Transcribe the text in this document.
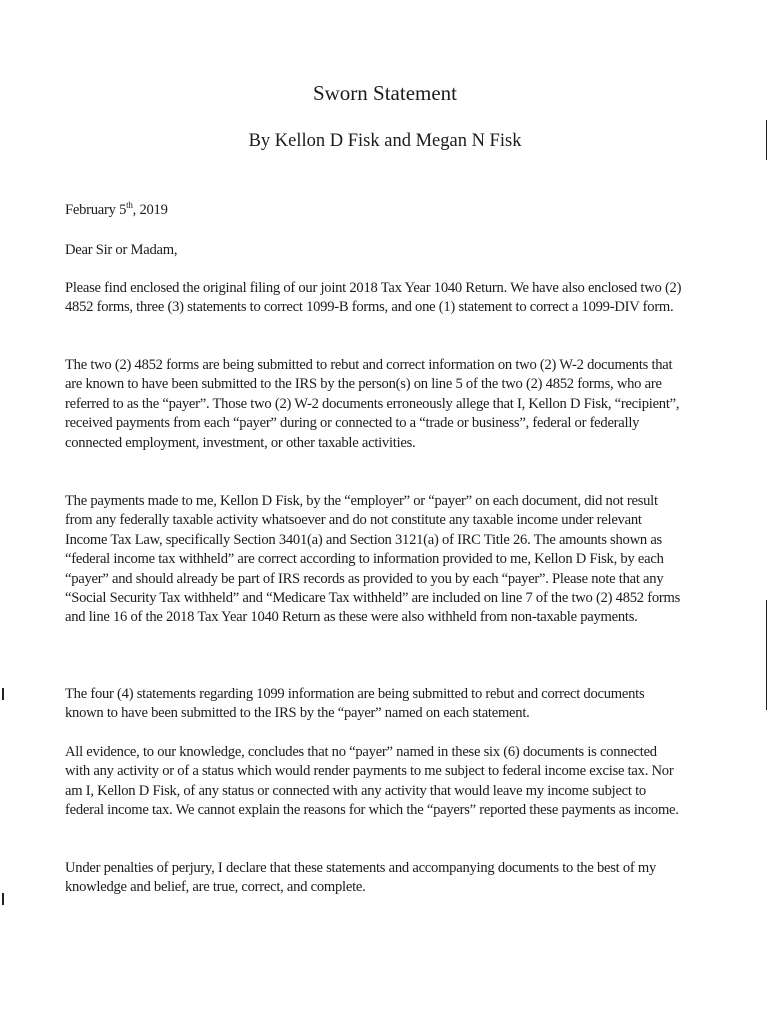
Sworn Statement
By Kellon D Fisk and Megan N Fisk
February 5th, 2019
Dear Sir or Madam,

Please find enclosed the original filing of our joint 2018 Tax Year 1040 Return. We have also enclosed two (2) 4852 forms, three (3) statements to correct 1099-B forms, and one (1) statement to correct a 1099-DIV form.

The two (2) 4852 forms are being submitted to rebut and correct information on two (2) W-2 documents that are known to have been submitted to the IRS by the person(s) on line 5 of the two (2) 4852 forms, who are referred to as the “payer”. Those two (2) W-2 documents erroneously allege that I, Kellon D Fisk, “recipient”, received payments from each “payer” during or connected to a “trade or business”, federal or federally connected employment, investment, or other taxable activities.

The payments made to me, Kellon D Fisk, by the “employer” or “payer” on each document, did not result from any federally taxable activity whatsoever and do not constitute any taxable income under relevant Income Tax Law, specifically Section 3401(a) and Section 3121(a) of IRC Title 26. The amounts shown as “federal income tax withheld” are correct according to information provided to me, Kellon D Fisk, by each “payer” and should already be part of IRS records as provided to you by each “payer”. Please note that any “Social Security Tax withheld” and “Medicare Tax withheld” are included on line 7 of the two (2) 4852 forms and line 16 of the 2018 Tax Year 1040 Return as these were also withheld from non-taxable payments.

The four (4) statements regarding 1099 information are being submitted to rebut and correct documents known to have been submitted to the IRS by the “payer” named on each statement.

All evidence, to our knowledge, concludes that no “payer” named in these six (6) documents is connected with any activity or of a status which would render payments to me subject to federal income excise tax. Nor am I, Kellon D Fisk, of any status or connected with any activity that would leave my income subject to federal income tax. We cannot explain the reasons for which the “payers” reported these payments as income.

Under penalties of perjury, I declare that these statements and accompanying documents to the best of my knowledge and belief, are true, correct, and complete.
